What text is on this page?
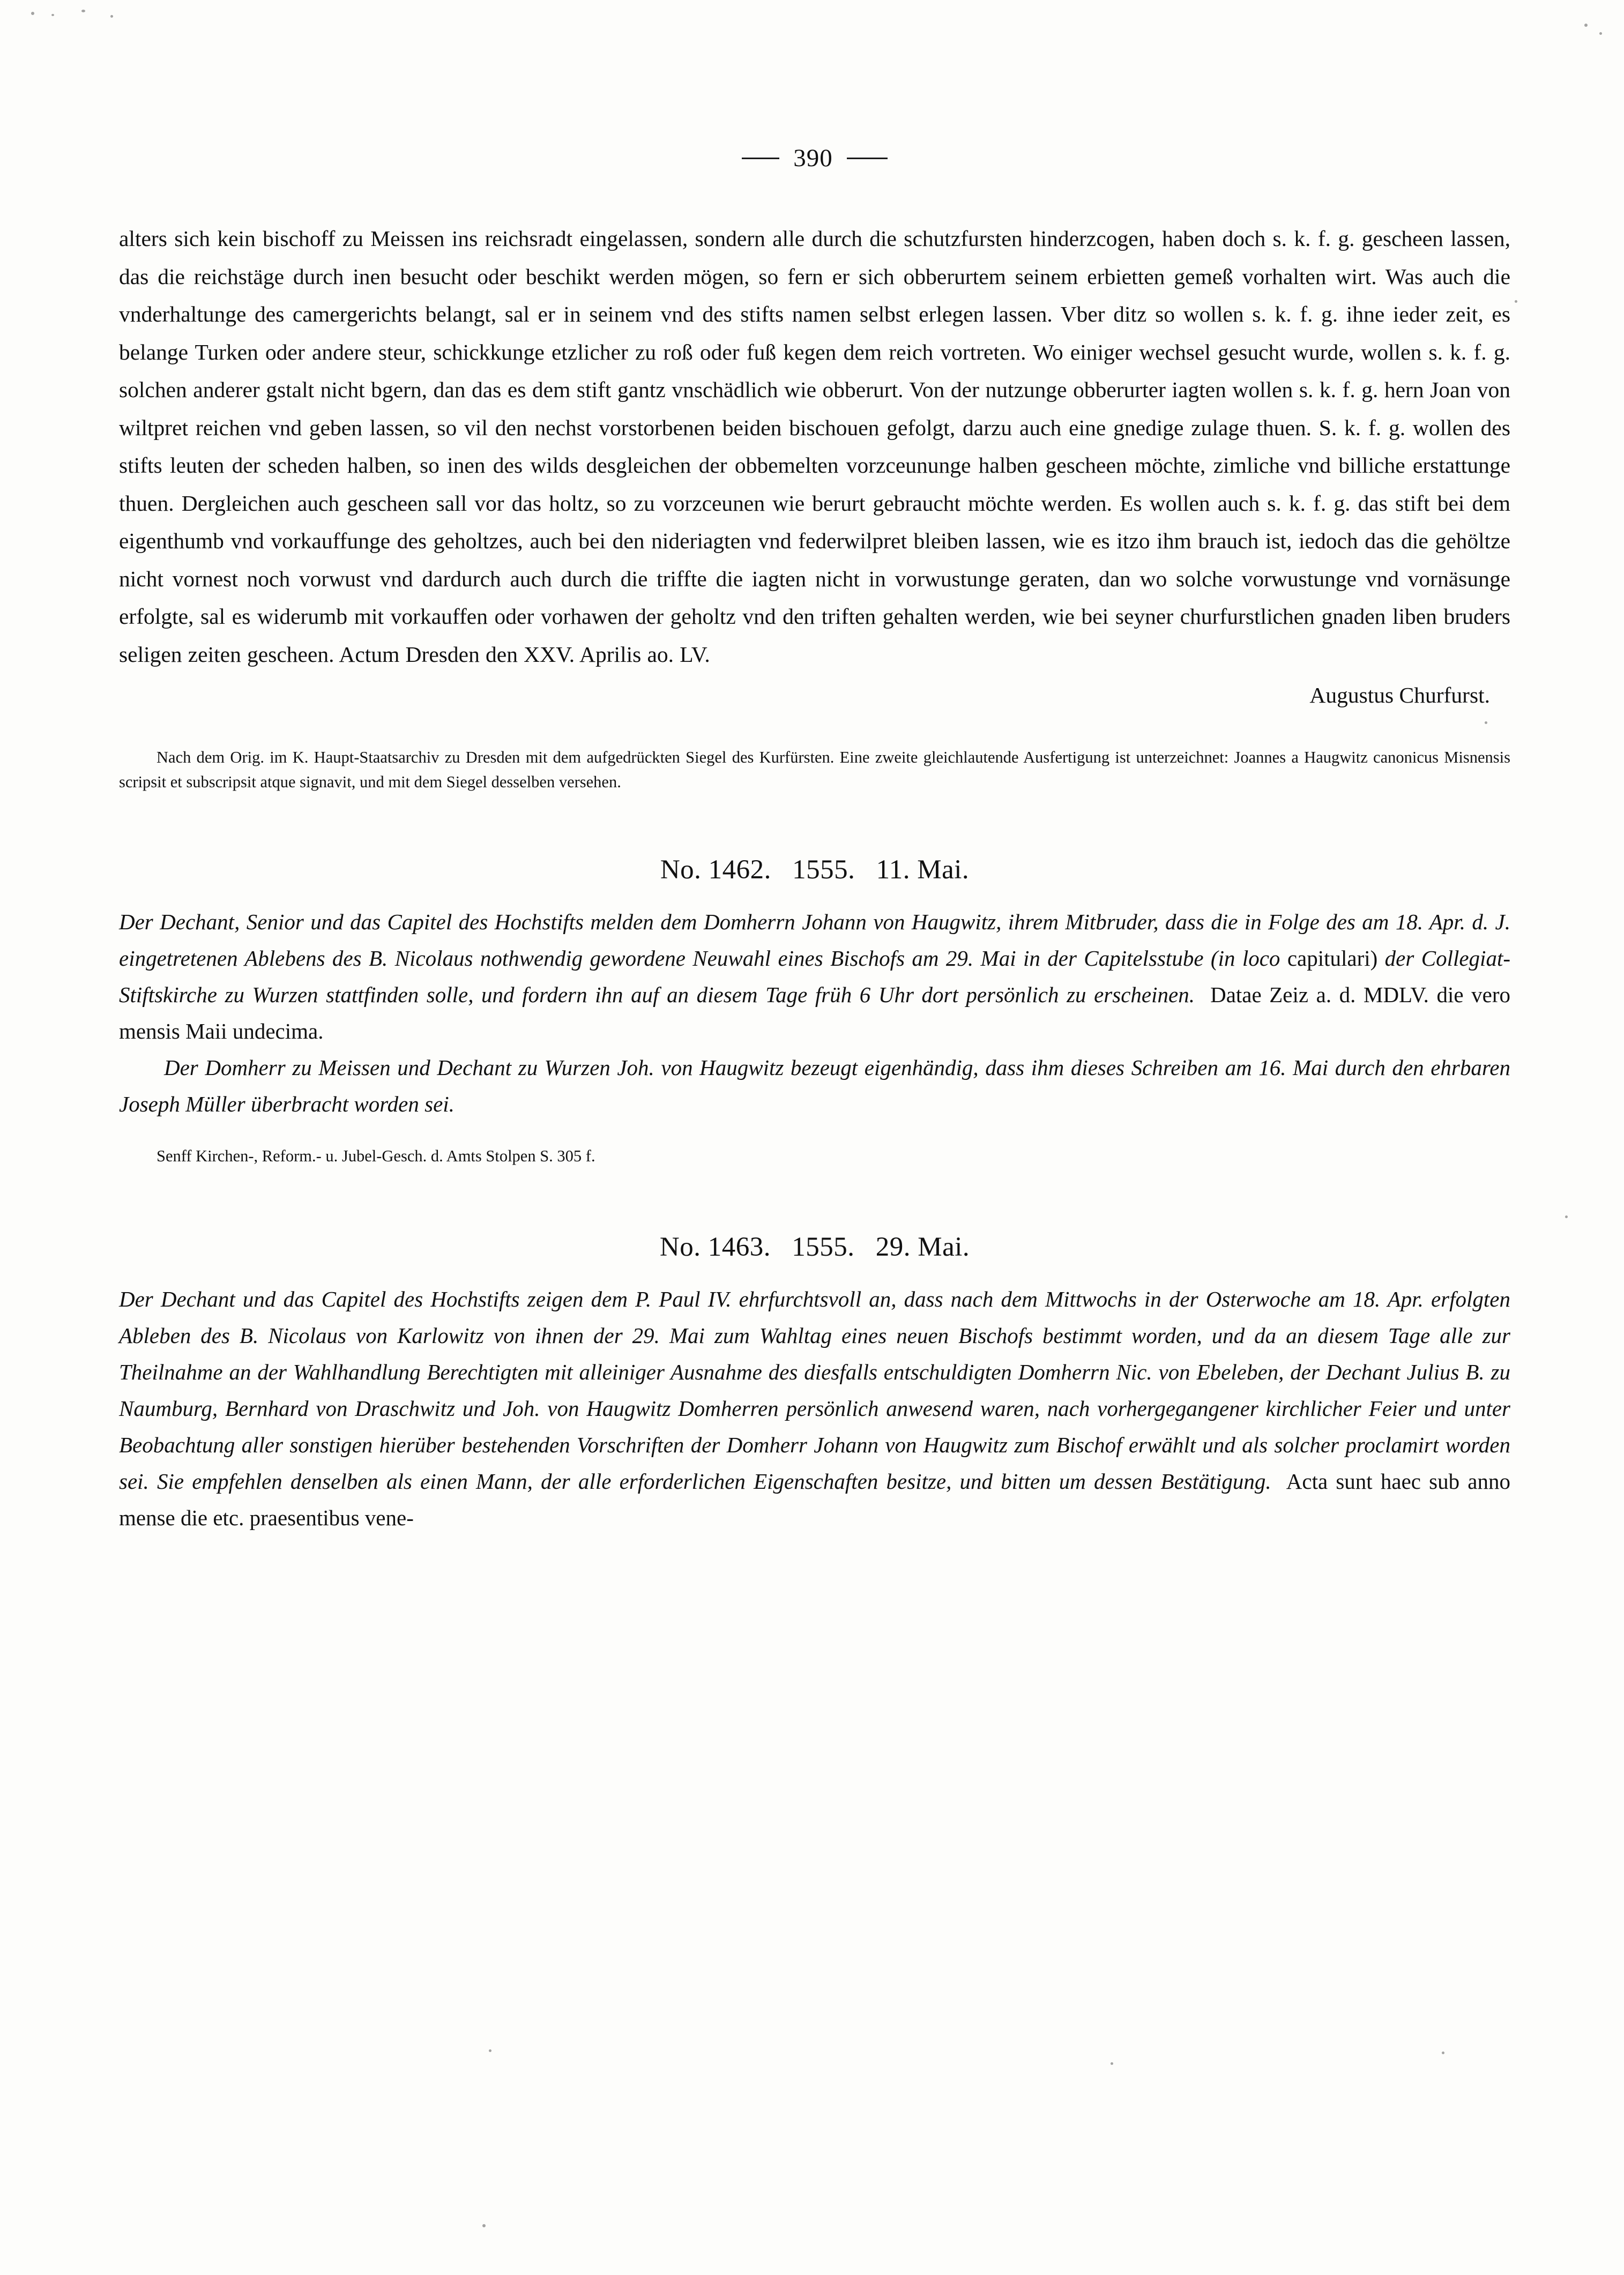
390
alters sich kein bischoff zu Meissen ins reichsradt eingelassen, sondern alle durch die schutzfursten hinderzcogen, haben doch s. k. f. g. gescheen lassen, das die reichstäge durch inen besucht oder beschikt werden mögen, so fern er sich obberurtem seinem erbietten gemeß vorhalten wirt. Was auch die vnderhaltunge des camergerichts belangt, sal er in seinem vnd des stifts namen selbst erlegen lassen. Vber ditz so wollen s. k. f. g. ihne ieder zeit, es belange Turken oder andere steur, schickkunge etzlicher zu roß oder fuß kegen dem reich vortreten. Wo einiger wechsel gesucht wurde, wollen s. k. f. g. solchen anderer gstalt nicht bgern, dan das es dem stift gantz vnschädlich wie obberurt. Von der nutzunge obberurter iagten wollen s. k. f. g. hern Joan von wiltpret reichen vnd geben lassen, so vil den nechst vorstorbenen beiden bischouen gefolgt, darzu auch eine gnedige zulage thuen. S. k. f. g. wollen des stifts leuten der scheden halben, so inen des wilds desgleichen der obbemelten vorzceununge halben gescheen möchte, zimliche vnd billiche erstattunge thuen. Dergleichen auch gescheen sall vor das holtz, so zu vorzceunen wie berurt gebraucht möchte werden. Es wollen auch s. k. f. g. das stift bei dem eigenthumb vnd vorkauffunge des geholtzes, auch bei den nideriagten vnd federwilpret bleiben lassen, wie es itzo ihm brauch ist, iedoch das die gehöltze nicht vornest noch vorwust vnd dardurch auch durch die triffte die iagten nicht in vorwustunge geraten, dan wo solche vorwustunge vnd vornäsunge erfolgte, sal es widerumb mit vorkauffen oder vorhawen der geholtz vnd den triften gehalten werden, wie bei seyner churfurstlichen gnaden liben bruders seligen zeiten gescheen. Actum Dresden den XXV. Aprilis ao. LV.
Augustus Churfurst.
Nach dem Orig. im K. Haupt-Staatsarchiv zu Dresden mit dem aufgedrückten Siegel des Kurfürsten. Eine zweite gleichlautende Ausfertigung ist unterzeichnet: Joannes a Haugwitz canonicus Misnensis scripsit et subscripsit atque signavit, und mit dem Siegel desselben versehen.
No. 1462. 1555. 11. Mai.
Der Dechant, Senior und das Capitel des Hochstifts melden dem Domherrn Johann von Haugwitz, ihrem Mitbruder, dass die in Folge des am 18. Apr. d. J. eingetretenen Ablebens des B. Nicolaus nothwendig gewordene Neuwahl eines Bischofs am 29. Mai in der Capitelsstube (in loco capitulari) der Collegiat-Stiftskirche zu Wurzen stattfinden solle, und fordern ihn auf an diesem Tage früh 6 Uhr dort persönlich zu erscheinen. Datae Zeiz a. d. MDLV. die vero mensis Maii undecima.
Der Domherr zu Meissen und Dechant zu Wurzen Joh. von Haugwitz bezeugt eigenhändig, dass ihm dieses Schreiben am 16. Mai durch den ehrbaren Joseph Müller überbracht worden sei.
Senff Kirchen-, Reform.- u. Jubel-Gesch. d. Amts Stolpen S. 305 f.
No. 1463. 1555. 29. Mai.
Der Dechant und das Capitel des Hochstifts zeigen dem P. Paul IV. ehrfurchtsvoll an, dass nach dem Mittwochs in der Osterwoche am 18. Apr. erfolgten Ableben des B. Nicolaus von Karlowitz von ihnen der 29. Mai zum Wahltag eines neuen Bischofs bestimmt worden, und da an diesem Tage alle zur Theilnahme an der Wahlhandlung Berechtigten mit alleiniger Ausnahme des diesfalls entschuldigten Domherrn Nic. von Ebeleben, der Dechant Julius B. zu Naumburg, Bernhard von Draschwitz und Joh. von Haugwitz Domherren persönlich anwesend waren, nach vorhergegangener kirchlicher Feier und unter Beobachtung aller sonstigen hierüber bestehenden Vorschriften der Domherr Johann von Haugwitz zum Bischof erwählt und als solcher proclamirt worden sei. Sie empfehlen denselben als einen Mann, der alle erforderlichen Eigenschaften besitze, und bitten um dessen Bestätigung. Acta sunt haec sub anno mense die etc. praesentibus vene-
